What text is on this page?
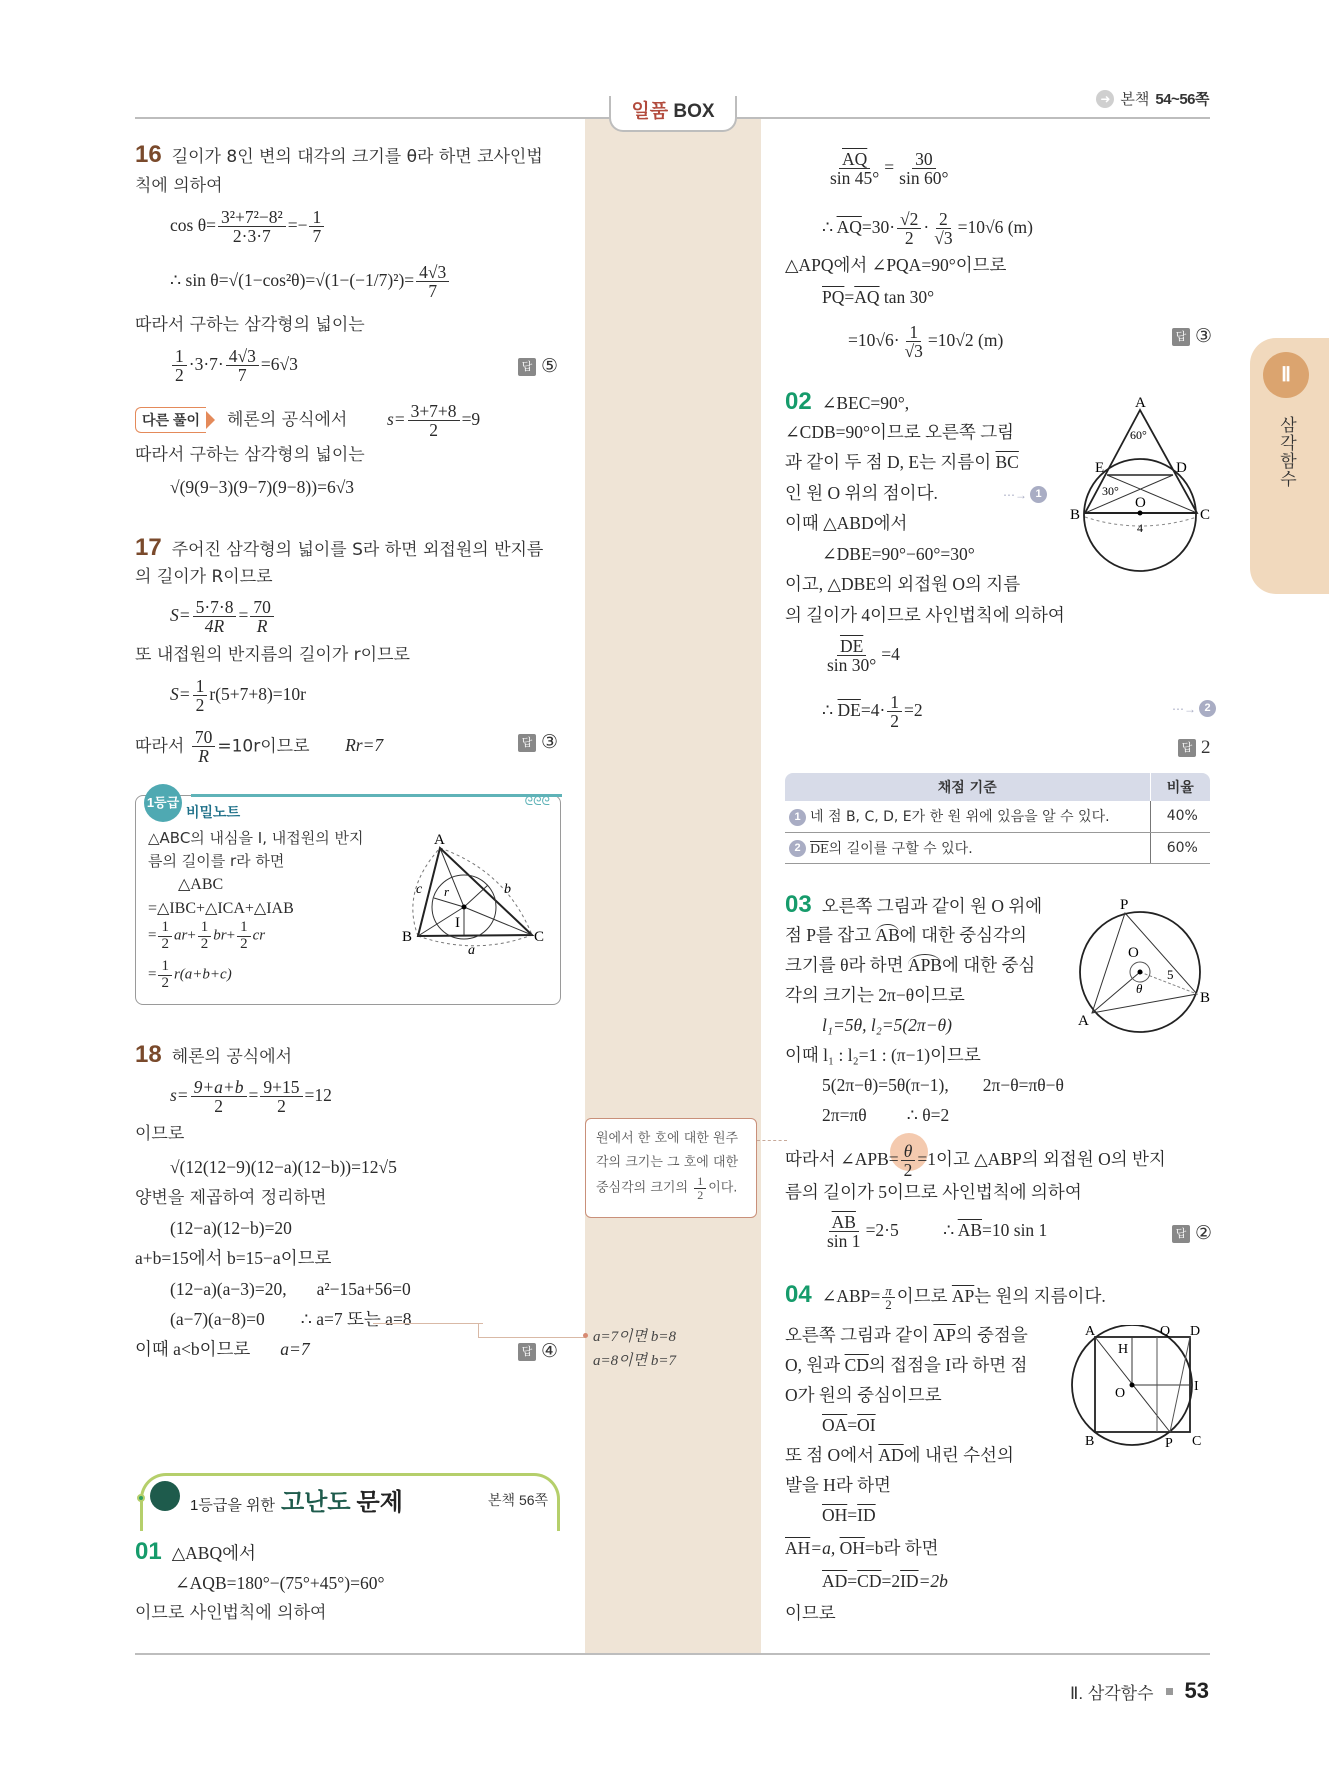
일품 BOX
➜ 본책 54~56쪽
Ⅱ
삼각함수
Ⅱ. 삼각함수 53
16 길이가 8인 변의 대각의 크기를 θ라 하면 코사인법
칙에 의하여
$\cos \theta= \frac{\text{3²+7²−8²}}{2\cdot 3\cdot 7} =- \frac{1}{7}$
∴ $\sin \theta=√(1-\cos^2\theta)=√(1-(-1/7)^2)= \frac{4√3}{7}$
따라서 구하는 삼각형의 넓이는
$\frac{1}{2} \cdot 3\cdot 7\cdot \frac{4√3}{7} =6√3$	답 ⑤
다른 풀이 헤론의 공식에서 $s= \frac{3+7+8}{2} =9$
따라서 구하는 삼각형의 넓이는
√(9(9−3)(9−7)(9−8))=6√3
17 주어진 삼각형의 넓이를 S라 하면 외접원의 반지름
의 길이가 R이므로
$S= \frac{5\cdot 7\cdot 8}{4R} = \frac{70}{R}$
또 내접원의 반지름의 길이가 r이므로
$S= \frac{1}{2} r(5+7+8)=10r$
따라서 $\frac{70}{R} =10r$이므로 Rr=7	답 ③
1등급
비밀노트
ᘓᘓᘓ
△ABC의 내심을 I, 내접원의 반지
름의 길이를 r라 하면
△ABC
=△IBC+△ICA+△IAB
= $\frac{1}{2} ar+ \frac{1}{2} br+ \frac{1}{2}$ cr
= $\frac{1}{2} r(a+b+c)$
A
B	C
I
a
b
c r
18 헤론의 공식에서
$s= \frac{9+a+b}{2} = \frac{9+15}{2} =12$
이므로
√(12(12−9)(12−a)(12−b))=12√5
양변을 제곱하여 정리하면
(12−a)(12−b)=20
a+b=15에서 b=15−a이므로
(12−a)(a−3)=20, a²−15a+56=0
(a−7)(a−8)=0 ∴ a=7 또는 a=8
이때 a<b이므로 a=7	답 ④
1등급을 위한 고난도 문제	본책 56쪽
01 △ABQ에서
∠AQB=180°−(75°+45°)=60°
이므로 사인법칙에 의하여
원에서 한 호에 대한 원주
각의 크기는 그 호에 대한
중심각의 크기의 $\frac{1}{2}$ 이다.
a=7이면 b=8
a=8이면 b=7
$\frac{\overline{AQ}}{\sin 45^\circ} = \frac{30}{\sin 60^\circ}$
∴ $\overline{AQ}=30\cdot \frac{√2}{2} \cdot \frac{2}{√3} =10√6$ (m)
△APQ에서 ∠PQA=90°이므로
$\overline{PQ}=\overline{AQ}$ tan 30°
$=10√6\cdot \frac{1}{√3} =10√2$ (m)	답 ③
02 ∠BEC=90°,
∠CDB=90°이므로 오른쪽 그림
과 같이 두 점 D, E는 지름이 $\overline{BC}$
인 원 O 위의 점이다.	⋯→ 1
이때 △ABD에서
∠DBE=90°−60°=30°
이고, △DBE의 외접원 O의 지름
의 길이가 4이므로 사인법칙에 의하여
$\frac{\overline{DE}}{\sin 30^\circ} =4$
∴ $\overline{DE}=4\cdot \frac{1}{2} =2$	⋯→ 2
답 2
A
B	C
D
E
O
60°
30°
4
채점 기준	비율
1 네 점 B, C, D, E가 한 원 위에 있음을 알 수 있다.	40%
2 $\overline{DE}$의 길이를 구할 수 있다.	60%
03 오른쪽 그림과 같이 원 O 위에
점 P를 잡고 AB에 대한 중심각의
크기를 θ라 하면 APB에 대한 중심
각의 크기는 2π−θ이므로
l₁=5θ, l₂=5(2π−θ)
이때 l₁ : l₂=1 : (π−1)이므로
5(2π−θ)=5θ(π−1), 2π−θ=πθ−θ
2π=πθ ∴ θ=2
따라서 ∠APB= $\frac{\theta}{2} =1$이고 △ABP의 외접원 O의 반지
름의 길이가 5이므로 사인법칙에 의하여
$\frac{\overline{AB}}{\sin 1} =2\cdot 5$	∴ $\overline{AB}=10$ sin 1	답 ②
P
O
A
B
θ
5
04 ∠ABP= $\frac{\pi}{2}$ 이므로 $\overline{AP}$는 원의 지름이다.
오른쪽 그림과 같이 $\overline{AP}$의 중점을
O, 원과 $\overline{CD}$의 접점을 I라 하면 점
O가 원의 중심이므로
$\overline{OA}=\overline{OI}$
또 점 O에서 $\overline{AD}$에 내린 수선의
발을 H라 하면
$\overline{OH}=\overline{ID}$
$\overline{AH}=a$, $\overline{OH}=b$라 하면
$\overline{AD}=\overline{CD}=2\overline{ID}=2b$
이므로
A	Q D
H
O	I
B	P C
